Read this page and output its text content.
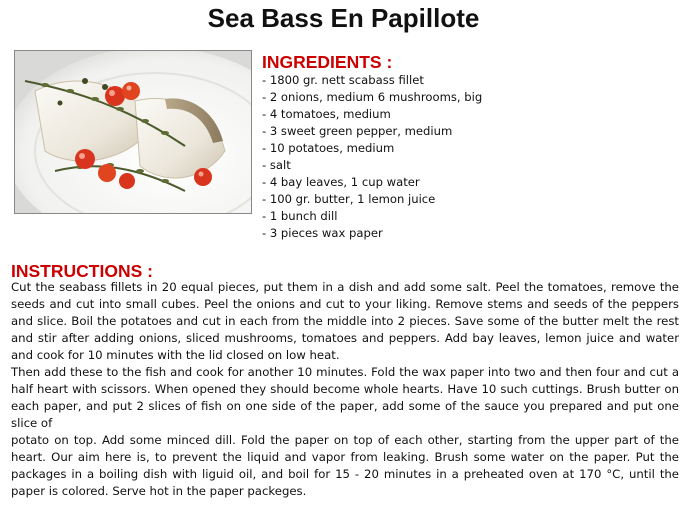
Sea Bass En Papillote
INGREDIENTS :
- 1800 gr. nett scabass fillet
- 2 onions, medium 6 mushrooms, big
- 4 tomatoes, medium
- 3 sweet green pepper, medium
- 10 potatoes, medium
- salt
- 4 bay leaves, 1 cup water
- 100 gr. butter, 1 lemon juice
- 1 bunch dill
- 3 pieces wax paper
INSTRUCTIONS :

Cut the seabass fillets in 20 equal pieces, put them in a dish and add some salt. Peel the tomatoes, remove the seeds and cut into small cubes. Peel the onions and cut to your liking. Remove stems and seeds of the peppers and slice. Boil the potatoes and cut in each from the middle into 2 pieces. Save some of the butter melt the rest and stir after adding onions, sliced mushrooms, tomatoes and peppers. Add bay leaves, lemon juice and water and cook for 10 minutes with the lid closed on low heat.

Then add these to the fish and cook for another 10 minutes. Fold the wax paper into two and then four and cut a half heart with scissors. When opened they should become whole hearts. Have 10 such cuttings. Brush butter on each paper, and put 2 slices of fish on one side of the paper, add some of the sauce you prepared and put one slice of

potato on top. Add some minced dill. Fold the paper on top of each other, starting from the upper part of the heart. Our aim here is, to prevent the liquid and vapor from leaking. Brush some water on the paper. Put the packages in a boiling dish with liguid oil, and boil for 15 - 20 minutes in a preheated oven at 170 °C, until the paper is colored. Serve hot in the paper packeges.
